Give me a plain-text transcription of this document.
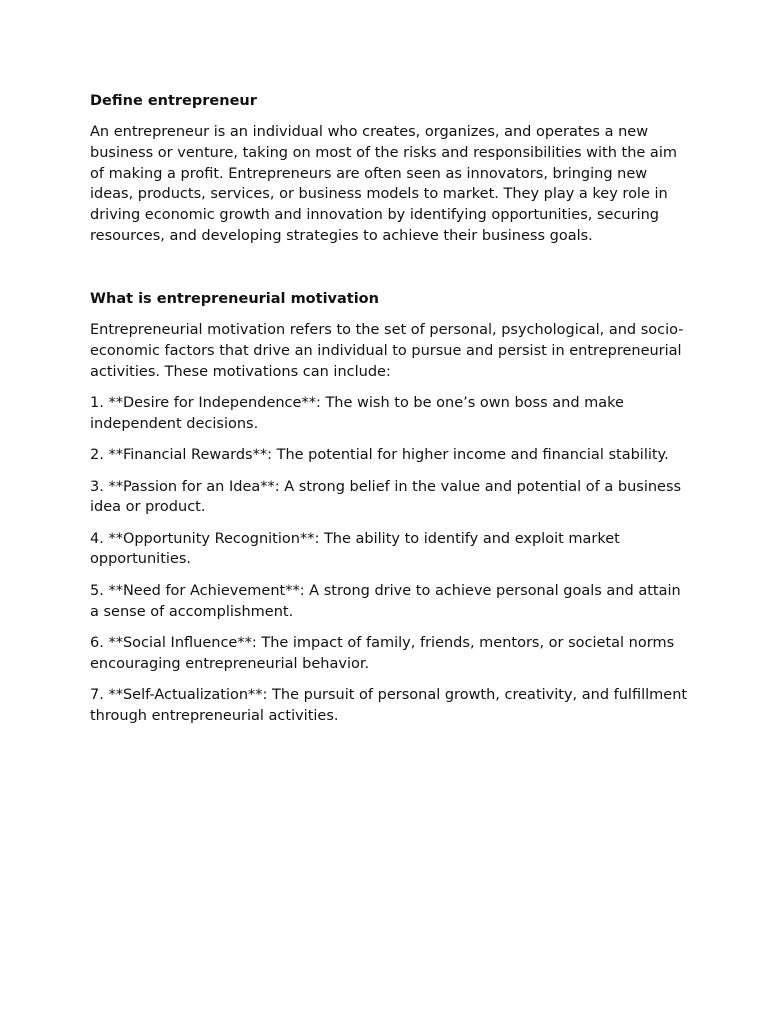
Define entrepreneur

An entrepreneur is an individual who creates, organizes, and operates a new business or venture, taking on most of the risks and responsibilities with the aim of making a profit. Entrepreneurs are often seen as innovators, bringing new ideas, products, services, or business models to market. They play a key role in driving economic growth and innovation by identifying opportunities, securing resources, and developing strategies to achieve their business goals.

What is entrepreneurial motivation

Entrepreneurial motivation refers to the set of personal, psychological, and socio-economic factors that drive an individual to pursue and persist in entrepreneurial activities. These motivations can include:

1. **Desire for Independence**: The wish to be one’s own boss and make independent decisions.
2. **Financial Rewards**: The potential for higher income and financial stability.
3. **Passion for an Idea**: A strong belief in the value and potential of a business idea or product.
4. **Opportunity Recognition**: The ability to identify and exploit market opportunities.
5. **Need for Achievement**: A strong drive to achieve personal goals and attain a sense of accomplishment.
6. **Social Influence**: The impact of family, friends, mentors, or societal norms encouraging entrepreneurial behavior.
7. **Self-Actualization**: The pursuit of personal growth, creativity, and fulfillment through entrepreneurial activities.
